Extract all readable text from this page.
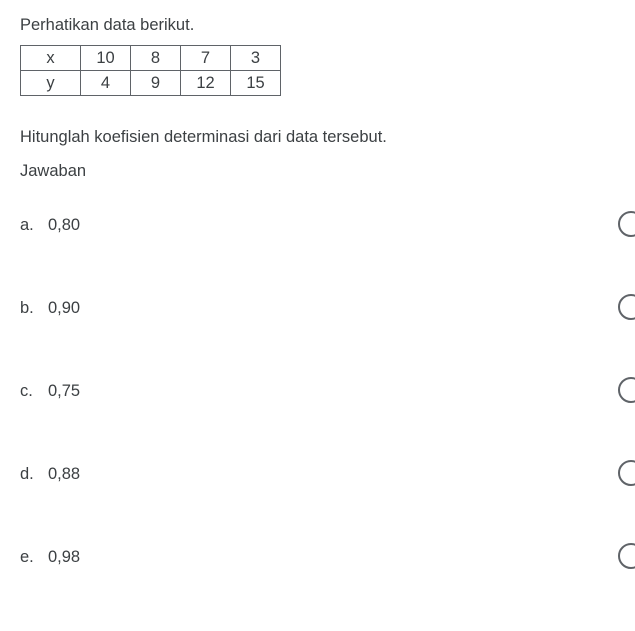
Perhatikan data berikut.

x	10	8	7	3
y	4	9	12	15

Hitunglah koefisien determinasi dari data tersebut.

Jawaban

a. 0,80
b. 0,90
c. 0,75
d. 0,88
e. 0,98
